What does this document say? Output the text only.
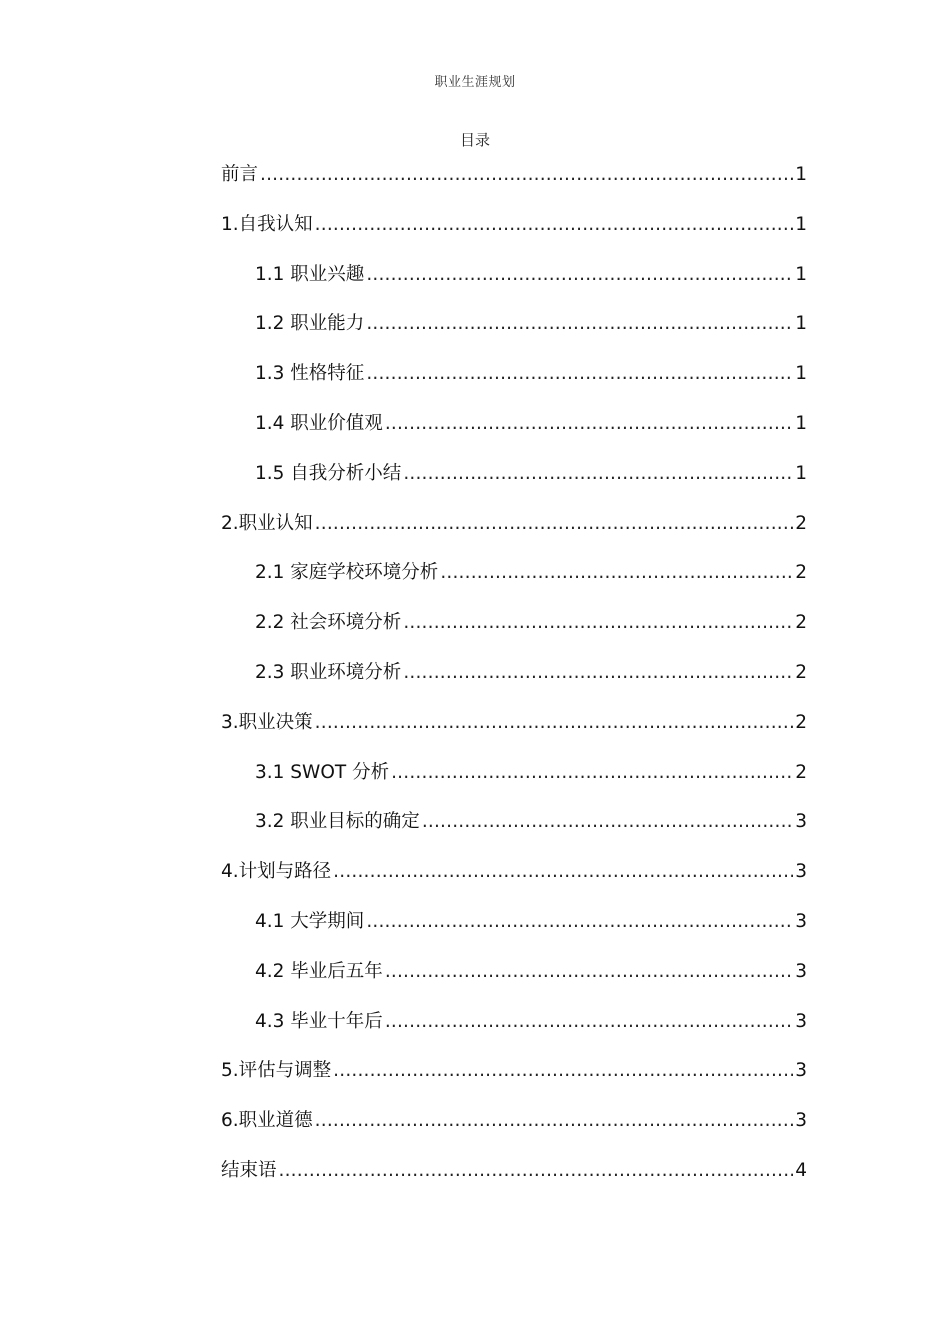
职业生涯规划
目录
前言 .....	1
1.自我认知 .....	1
1.1 职业兴趣 .....	1
1.2 职业能力 .....	1
1.3 性格特征 .....	1
1.4 职业价值观 .....	1
1.5 自我分析小结 .....	1
2.职业认知 .....	2
2.1 家庭学校环境分析 .....	2
2.2 社会环境分析 .....	2
2.3 职业环境分析 .....	2
3.职业决策 .....	2
3.1 SWOT 分析 .....	2
3.2 职业目标的确定 .....	3
4.计划与路径 .....	3
4.1 大学期间 .....	3
4.2 毕业后五年 .....	3
4.3 毕业十年后 .....	3
5.评估与调整 .....	3
6.职业道德 .....	3
结束语 .....	4
